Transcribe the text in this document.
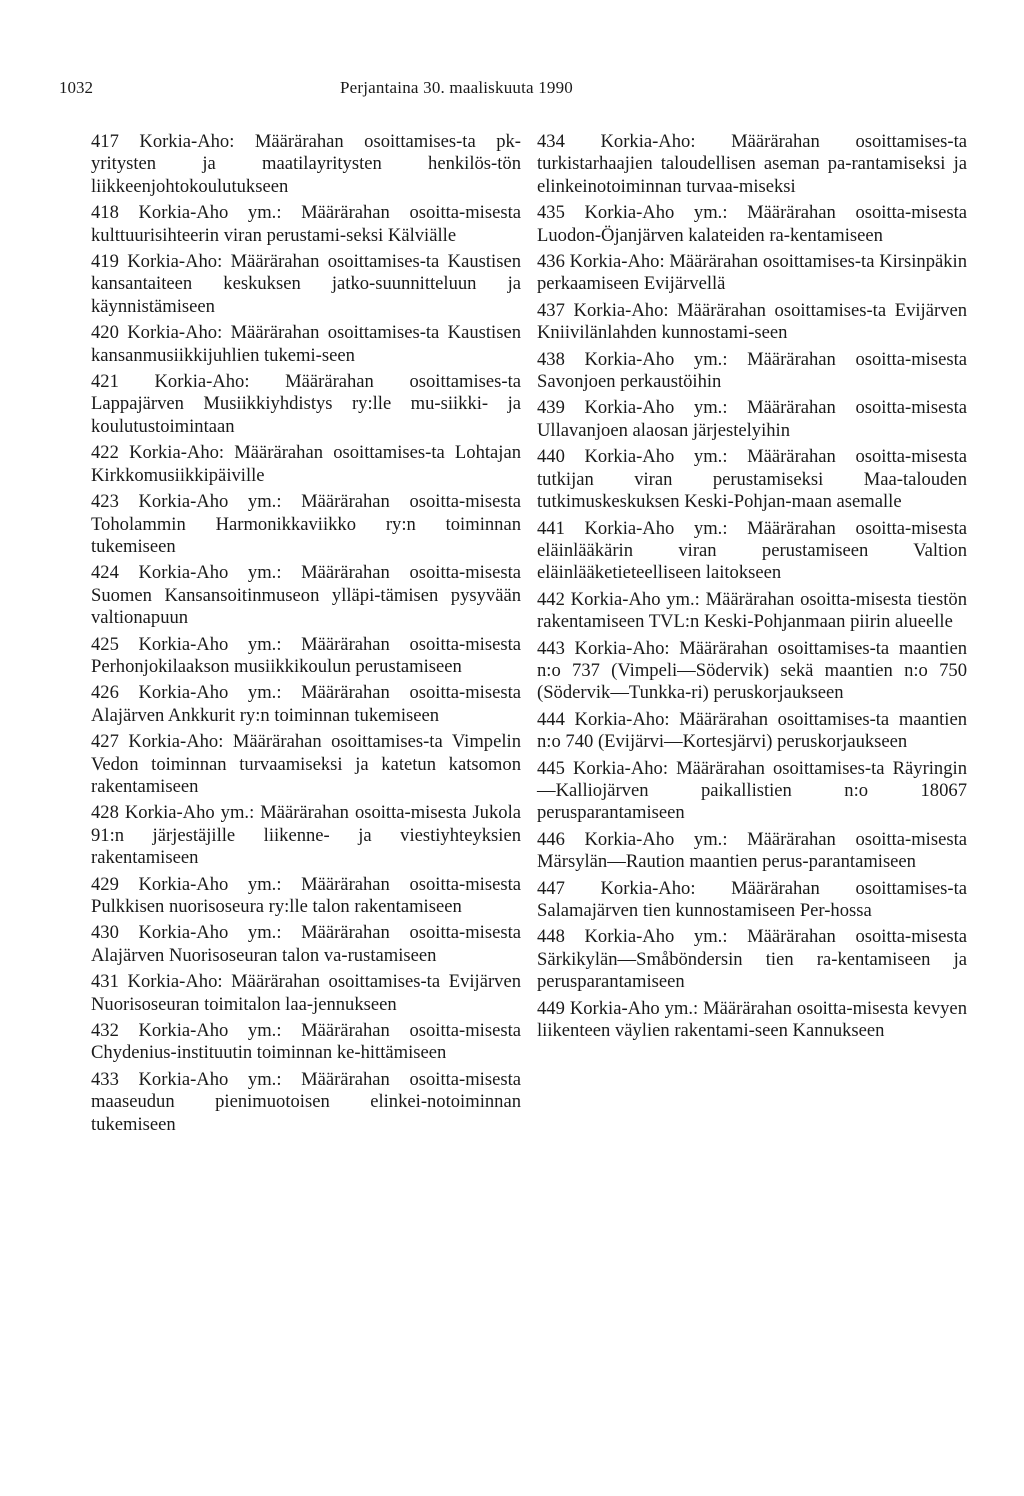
1032	Perjantaina 30. maaliskuuta 1990

417 Korkia-Aho: Määrärahan osoittamises-ta pk-yritysten ja maatilayritysten henkilös-tön liikkeenjohtokoulutukseen

418 Korkia-Aho ym.: Määrärahan osoitta-misesta kulttuurisihteerin viran perustami-seksi Kälviälle

419 Korkia-Aho: Määrärahan osoittamises-ta Kaustisen kansantaiteen keskuksen jatko-suunnitteluun ja käynnistämiseen

420 Korkia-Aho: Määrärahan osoittamises-ta Kaustisen kansanmusiikkijuhlien tukemi-seen

421 Korkia-Aho: Määrärahan osoittamises-ta Lappajärven Musiikkiyhdistys ry:lle mu-siikki- ja koulutustoimintaan

422 Korkia-Aho: Määrärahan osoittamises-ta Lohtajan Kirkkomusiikkipäiville

423 Korkia-Aho ym.: Määrärahan osoitta-misesta Toholammin Harmonikkaviikko ry:n toiminnan tukemiseen

424 Korkia-Aho ym.: Määrärahan osoitta-misesta Suomen Kansansoitinmuseon ylläpi-tämisen pysyvään valtionapuun

425 Korkia-Aho ym.: Määrärahan osoitta-misesta Perhonjokilaakson musiikkikoulun perustamiseen

426 Korkia-Aho ym.: Määrärahan osoitta-misesta Alajärven Ankkurit ry:n toiminnan tukemiseen

427 Korkia-Aho: Määrärahan osoittamises-ta Vimpelin Vedon toiminnan turvaamiseksi ja katetun katsomon rakentamiseen

428 Korkia-Aho ym.: Määrärahan osoitta-misesta Jukola 91:n järjestäjille liikenne- ja viestiyhteyksien rakentamiseen

429 Korkia-Aho ym.: Määrärahan osoitta-misesta Pulkkisen nuorisoseura ry:lle talon rakentamiseen

430 Korkia-Aho ym.: Määrärahan osoitta-misesta Alajärven Nuorisoseuran talon va-rustamiseen

431 Korkia-Aho: Määrärahan osoittamises-ta Evijärven Nuorisoseuran toimitalon laa-jennukseen

432 Korkia-Aho ym.: Määrärahan osoitta-misesta Chydenius-instituutin toiminnan ke-hittämiseen

433 Korkia-Aho ym.: Määrärahan osoitta-misesta maaseudun pienimuotoisen elinkei-notoiminnan tukemiseen

434 Korkia-Aho: Määrärahan osoittamises-ta turkistarhaajien taloudellisen aseman pa-rantamiseksi ja elinkeinotoiminnan turvaa-miseksi

435 Korkia-Aho ym.: Määrärahan osoitta-misesta Luodon-Öjanjärven kalateiden ra-kentamiseen

436 Korkia-Aho: Määrärahan osoittamises-ta Kirsinpäkin perkaamiseen Evijärvellä

437 Korkia-Aho: Määrärahan osoittamises-ta Evijärven Kniivilänlahden kunnostami-seen

438 Korkia-Aho ym.: Määrärahan osoitta-misesta Savonjoen perkaustöihin

439 Korkia-Aho ym.: Määrärahan osoitta-misesta Ullavanjoen alaosan järjestelyihin

440 Korkia-Aho ym.: Määrärahan osoitta-misesta tutkijan viran perustamiseksi Maa-talouden tutkimuskeskuksen Keski-Pohjan-maan asemalle

441 Korkia-Aho ym.: Määrärahan osoitta-misesta eläinlääkärin viran perustamiseen Valtion eläinlääketieteelliseen laitokseen

442 Korkia-Aho ym.: Määrärahan osoitta-misesta tiestön rakentamiseen TVL:n Keski-Pohjanmaan piirin alueelle

443 Korkia-Aho: Määrärahan osoittamises-ta maantien n:o 737 (Vimpeli—Södervik) sekä maantien n:o 750 (Södervik—Tunkka-ri) peruskorjaukseen

444 Korkia-Aho: Määrärahan osoittamises-ta maantien n:o 740 (Evijärvi—Kortesjärvi) peruskorjaukseen

445 Korkia-Aho: Määrärahan osoittamises-ta Räyringin—Kalliojärven paikallistien n:o 18067 perusparantamiseen

446 Korkia-Aho ym.: Määrärahan osoitta-misesta Märsylän—Raution maantien perus-parantamiseen

447 Korkia-Aho: Määrärahan osoittamises-ta Salamajärven tien kunnostamiseen Per-hossa

448 Korkia-Aho ym.: Määrärahan osoitta-misesta Särkikylän—Småböndersin tien ra-kentamiseen ja perusparantamiseen

449 Korkia-Aho ym.: Määrärahan osoitta-misesta kevyen liikenteen väylien rakentami-seen Kannukseen
